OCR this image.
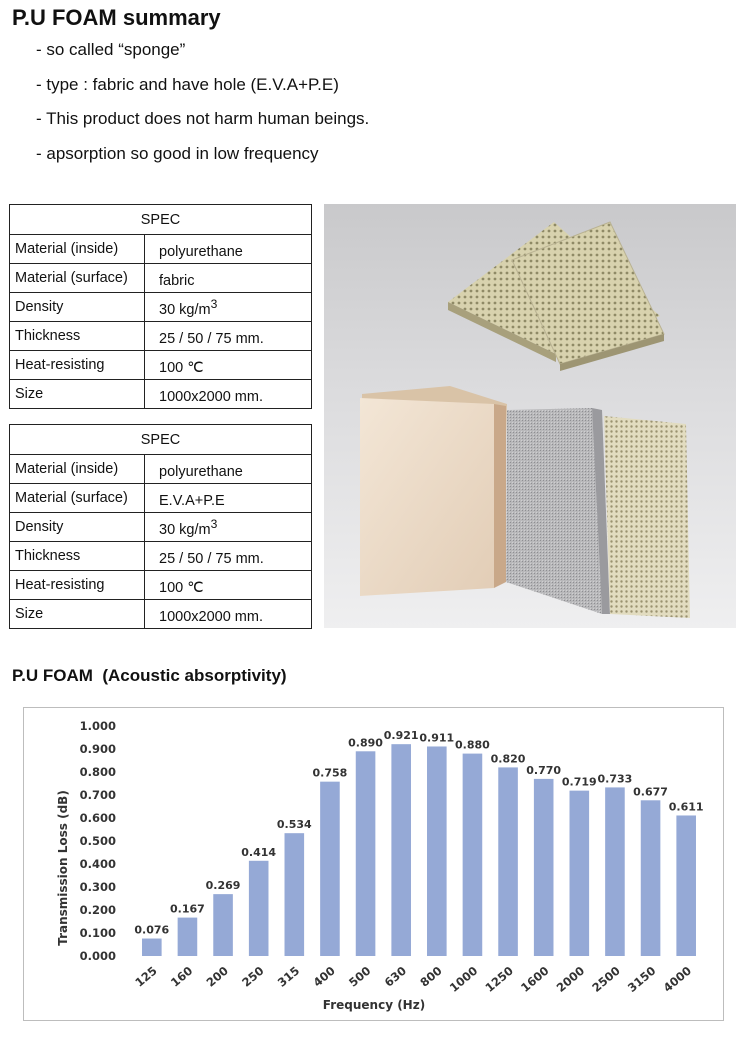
P.U FOAM summary
- so called “sponge”
- type : fabric and have hole (E.V.A+P.E)
- This product does not harm human beings.
- apsorption so good in low frequency
SPEC	
Material (inside)	polyurethane
Material (surface)	fabric
Density	30 $kg/m^3$
Thickness	25 / 50 / 75 mm.
Heat-resisting	100 ℃
Size	1000x2000 mm.
SPEC	
Material (inside)	polyurethane
Material (surface)	E.V.A+P.E
Density	30 $kg/m^3$
Thickness	25 / 50 / 75 mm.
Heat-resisting	100 ℃
Size	1000x2000 mm.
P.U FOAM  (Acoustic absorptivity)
0.000
0.100
0.200
0.300
0.400
0.500
0.600
0.700
0.800
0.900
1.000
0.076
0.167
0.269
0.414
0.534
0.758
0.890
0.921 0.911
0.880
0.820
0.770
0.719 0.733
0.677
0.611
125 160 200 250 315 400 500 630 800 1000 1250 1600 2000 2500 3150 4000
Transmission Loss (dB)
Frequency (Hz)
